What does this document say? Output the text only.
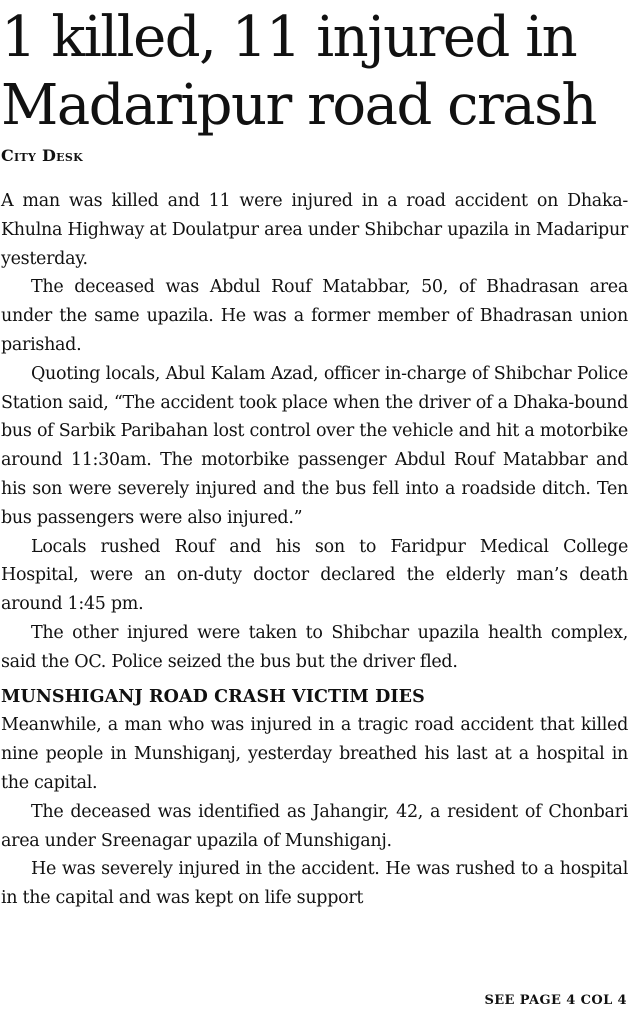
1 killed, 11 injured in Madaripur road crash
City Desk

A man was killed and 11 were injured in a road accident on Dhaka-Khulna Highway at Doulatpur area under Shibchar upazila in Madaripur yesterday.

The deceased was Abdul Rouf Matabbar, 50, of Bhadrasan area under the same upazila. He was a former member of Bhadrasan union parishad.

Quoting locals, Abul Kalam Azad, officer in-charge of Shibchar Police Station said, “The accident took place when the driver of a Dhaka-bound bus of Sarbik Paribahan lost control over the vehicle and hit a motorbike around 11:30am. The motorbike passenger Abdul Rouf Matabbar and his son were severely injured and the bus fell into a roadside ditch. Ten bus passengers were also injured.”

Locals rushed Rouf and his son to Faridpur Medical College Hospital, were an on-duty doctor declared the elderly man’s death around 1:45 pm.

The other injured were taken to Shibchar upazila health complex, said the OC. Police seized the bus but the driver fled.

MUNSHIGANJ ROAD CRASH VICTIM DIES

Meanwhile, a man who was injured in a tragic road accident that killed nine people in Munshiganj, yesterday breathed his last at a hospital in the capital.

The deceased was identified as Jahangir, 42, a resident of Chonbari area under Sreenagar upazila of Munshiganj.

He was severely injured in the accident. He was rushed to a hospital in the capital and was kept on life support

SEE PAGE 4 COL 4
